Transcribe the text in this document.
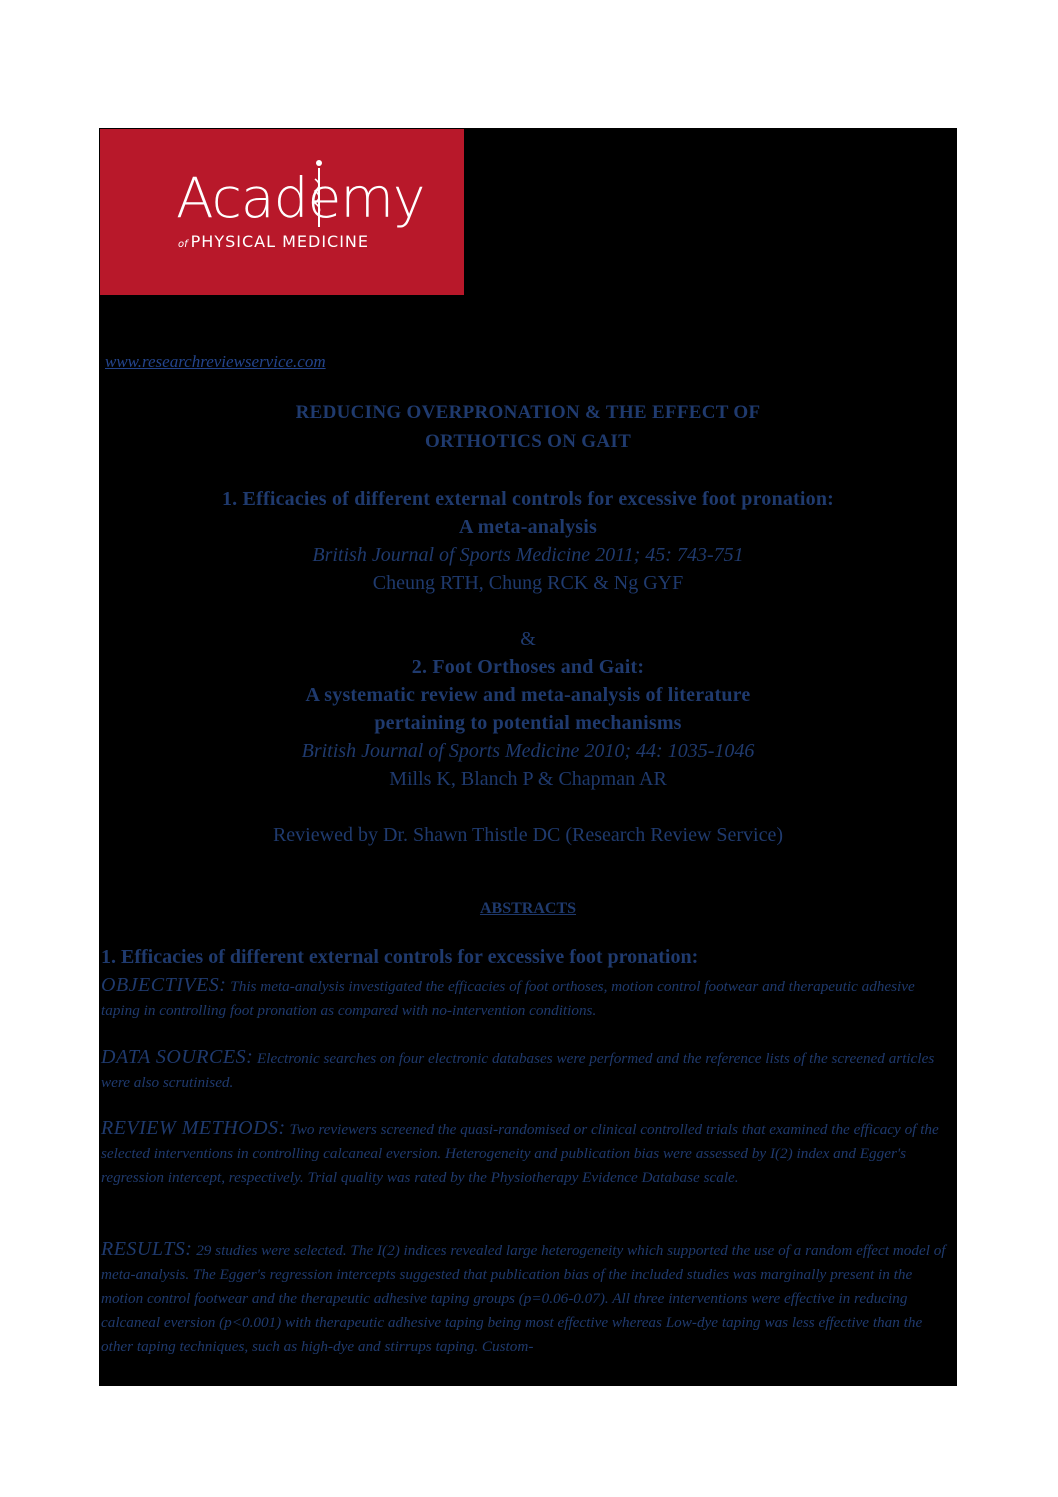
Academy
of PHYSICAL MEDICINE
www.researchreviewservice.com
REDUCING OVERPRONATION & THE EFFECT OF
ORTHOTICS ON GAIT
1. Efficacies of different external controls for excessive foot pronation:
A meta-analysis
British Journal of Sports Medicine 2011; 45: 743-751
Cheung RTH, Chung RCK & Ng GYF
&
2. Foot Orthoses and Gait:
A systematic review and meta-analysis of literature
pertaining to potential mechanisms
British Journal of Sports Medicine 2010; 44: 1035-1046
Mills K, Blanch P & Chapman AR
Reviewed by Dr. Shawn Thistle DC (Research Review Service)
ABSTRACTS
1. Efficacies of different external controls for excessive foot pronation:
OBJECTIVES: This meta-analysis investigated the efficacies of foot orthoses, motion control footwear and therapeutic adhesive taping in controlling foot pronation as compared with no-intervention conditions.
DATA SOURCES: Electronic searches on four electronic databases were performed and the reference lists of the screened articles were also scrutinised.
REVIEW METHODS: Two reviewers screened the quasi-randomised or clinical controlled trials that examined the efficacy of the selected interventions in controlling calcaneal eversion. Heterogeneity and publication bias were assessed by I(2) index and Egger's regression intercept, respectively. Trial quality was rated by the Physiotherapy Evidence Database scale.
RESULTS: 29 studies were selected. The I(2) indices revealed large heterogeneity which supported the use of a random effect model of meta-analysis. The Egger's regression intercepts suggested that publication bias of the included studies was marginally present in the motion control footwear and the therapeutic adhesive taping groups (p=0.06-0.07). All three interventions were effective in reducing calcaneal eversion (p<0.001) with therapeutic adhesive taping being most effective whereas Low-dye taping was less effective than the other taping techniques, such as high-dye and stirrups taping. Custom-
